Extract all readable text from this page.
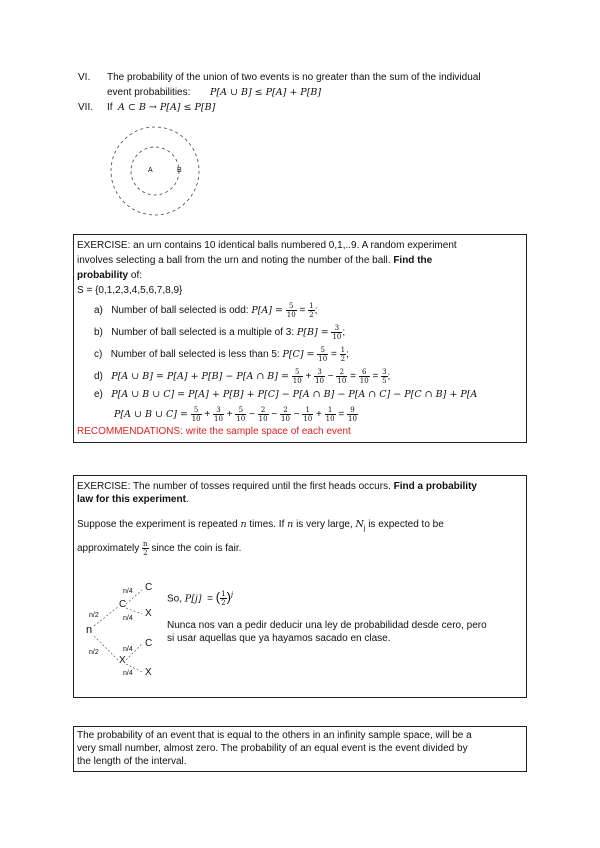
VI. The probability of the union of two events is no greater than the sum of the individual
event probabilities: P[A ∪ B] ≤ P[A] + P[B]
VII. If A ⊂ B → P[A] ≤ P[B]
A	B
EXERCISE: an urn contains 10 identical balls numbered 0,1,..9. A random experiment
involves selecting a ball from the urn and noting the number of the ball. Find the
probability of:
S = {0,1,2,3,4,5,6,7,8,9}
a) Number of ball selected is odd: $P[A] = \frac{5}{10} = \frac{1}{2}$ ;
b) Number of ball selected is a multiple of 3: $P[B] = \frac{3}{10}$ ;
c) Number of ball selected is less than 5: $P[C] = \frac{5}{10} = \frac{1}{2}$ ;
d) P[A ∪ B] = P[A] + P[B] − P[A ∩ $B] = \frac{5}{10} + \frac{3}{10} - \frac{2}{10} = \frac{6}{10} = \frac{3}{5}$ ;
e) P[A ∪ B ∪ C] = P[A] + P[B] + P[C] − P[A ∩ B] − P[A ∩ C] − P[C ∩ B] + P[A
P[A ∪ B ∪ $C] = \frac{5}{10} + \frac{3}{10} + \frac{5}{10} - \frac{2}{10} - \frac{2}{10} - \frac{1}{10} + \frac{1}{10} = \frac{9}{10}$
RECOMMENDATIONS: write the sample space of each event
EXERCISE: The number of tosses required until the first heads occurs. Find a probability
law for this experiment.
Suppose the experiment is repeated n times. If n is very large, $N_j$ is expected to be
approximately $\frac{n}{2}$ since the coin is fair.
n
n/2
n/2
C
X
n/4
n/4
n/4
n/4
C
X
C
X
So, P[j] = ( $\frac{1}{2} )^j$
Nunca nos van a pedir deducir una ley de probabilidad desde cero, pero
si usar aquellas que ya hayamos sacado en clase.
The probability of an event that is equal to the others in an infinity sample space, will be a
very small number, almost zero. The probability of an equal event is the event divided by
the length of the interval.
